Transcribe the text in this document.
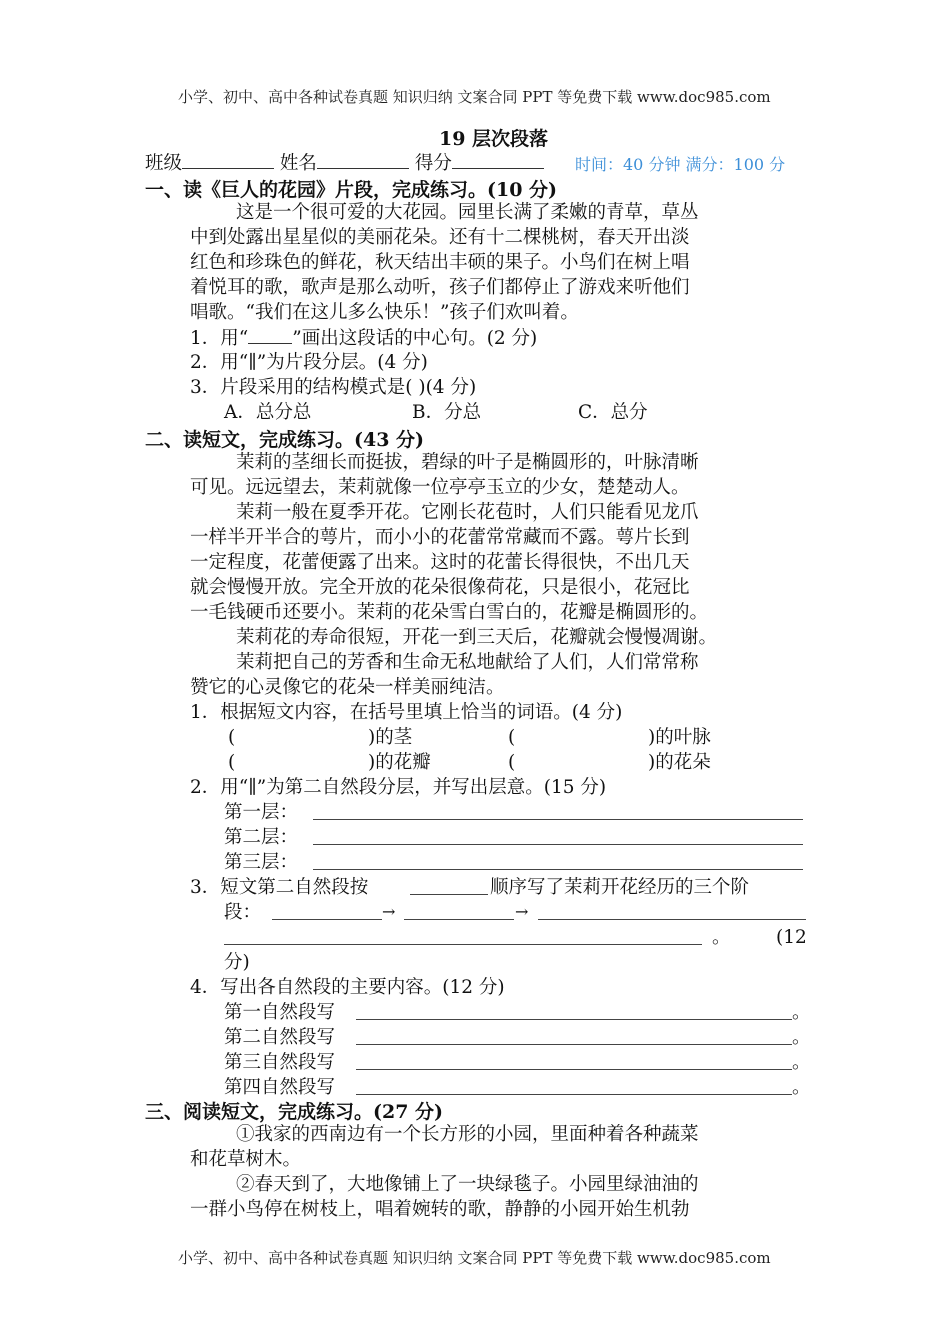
小学、初中、高中各种试卷真题 知识归纳 文案合同 PPT 等免费下载 www.doc985.com
19 层次段落
班级	姓名	得分	时间：40 分钟 满分：100 分
一、读《巨人的花园》片段，完成练习。(10 分)
这是一个很可爱的大花园。园里长满了柔嫩的青草，草丛
中到处露出星星似的美丽花朵。还有十二棵桃树，春天开出淡
红色和珍珠色的鲜花，秋天结出丰硕的果子。小鸟们在树上唱
着悦耳的歌，歌声是那么动听，孩子们都停止了游戏来听他们
唱歌。“我们在这儿多么快乐！”孩子们欢叫着。
1．用“ ”画出这段话的中心句。(2 分)
2．用“∥”为片段分层。(4 分)
3．片段采用的结构模式是( )(4 分)
A．总分总	B．分总	C．总分
二、读短文，完成练习。(43 分)
茉莉的茎细长而挺拔，碧绿的叶子是椭圆形的，叶脉清晰
可见。远远望去，茉莉就像一位亭亭玉立的少女，楚楚动人。
茉莉一般在夏季开花。它刚长花苞时，人们只能看见龙爪
一样半开半合的萼片，而小小的花蕾常常藏而不露。萼片长到
一定程度，花蕾便露了出来。这时的花蕾长得很快，不出几天
就会慢慢开放。完全开放的花朵很像荷花，只是很小，花冠比
一毛钱硬币还要小。茉莉的花朵雪白雪白的，花瓣是椭圆形的。
茉莉花的寿命很短，开花一到三天后，花瓣就会慢慢凋谢。
茉莉把自己的芳香和生命无私地献给了人们，人们常常称
赞它的心灵像它的花朵一样美丽纯洁。
1．根据短文内容，在括号里填上恰当的词语。(4 分)
(	)的茎	(	)的叶脉
(	)的花瓣	(	)的花朵
2．用“∥”为第二自然段分层，并写出层意。(15 分)
第一层：
第二层：
第三层：
3．短文第二自然段按	顺序写了茉莉开花经历的三个阶
段：	→	→
。 (12
分)
4．写出各自然段的主要内容。(12 分)
第一自然段写	。
第二自然段写	。
第三自然段写	。
第四自然段写	。
三、阅读短文，完成练习。(27 分)
①我家的西南边有一个长方形的小园，里面种着各种蔬菜
和花草树木。
②春天到了，大地像铺上了一块绿毯子。小园里绿油油的
一群小鸟停在树枝上，唱着婉转的歌，静静的小园开始生机勃
小学、初中、高中各种试卷真题 知识归纳 文案合同 PPT 等免费下载 www.doc985.com
